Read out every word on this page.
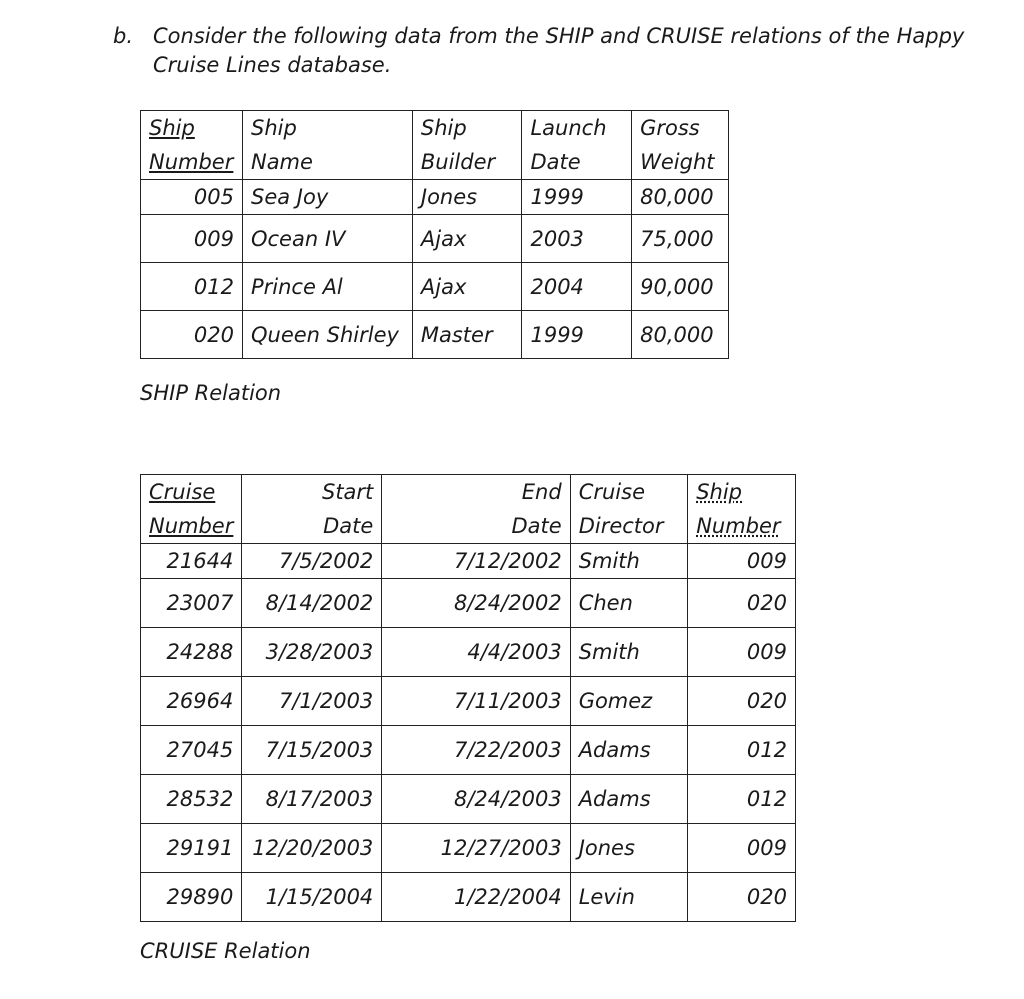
b. Consider the following data from the SHIP and CRUISE relations of the Happy Cruise Lines database.
Ship	Ship	Ship	Launch	Gross
Number	Name	Builder	Date	Weight
005	Sea Joy	Jones	1999	80,000
009	Ocean IV	Ajax	2003	75,000
012	Prince Al	Ajax	2004	90,000
020	Queen Shirley	Master	1999	80,000
SHIP Relation
Cruise	Start	End	Cruise	Ship
Number	Date	Date	Director	Number
21644	7/5/2002	7/12/2002	Smith	009
23007	8/14/2002	8/24/2002	Chen	020
24288	3/28/2003	4/4/2003	Smith	009
26964	7/1/2003	7/11/2003	Gomez	020
27045	7/15/2003	7/22/2003	Adams	012
28532	8/17/2003	8/24/2003	Adams	012
29191	12/20/2003	12/27/2003	Jones	009
29890	1/15/2004	1/22/2004	Levin	020
CRUISE Relation
